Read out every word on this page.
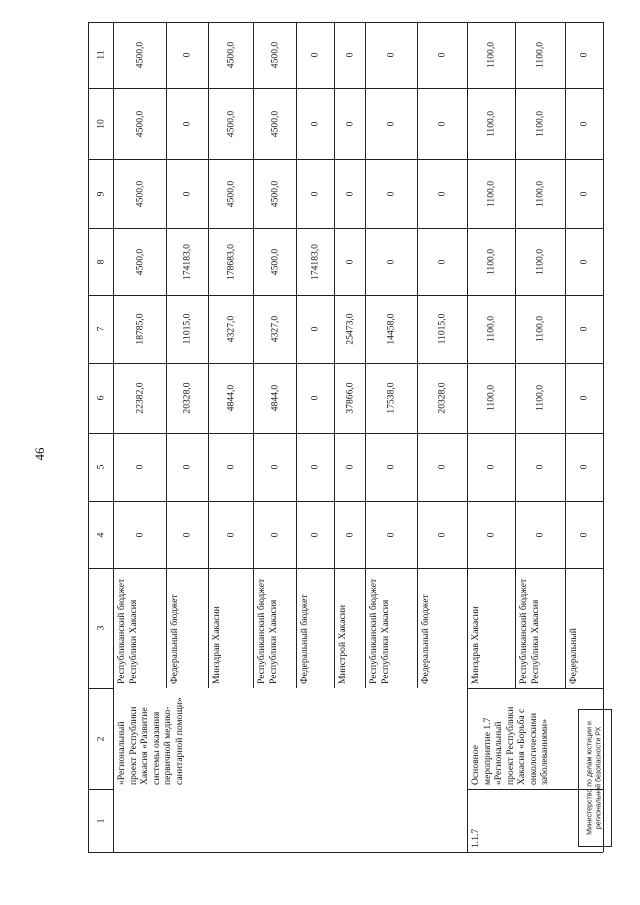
46
1
2
3
4
5
6
7
8
9
10
11
Республиканский бюджет Республики Хакасия
0
0
22382,0
18785,0
4500,0
4500,0
4500,0
4500,0
Федеральный бюджет
0
0
20328,0
11015,0
174183,0
0
0
0
Минздрав Хакасии
0
0
4844,0
4327,0
178683,0
4500,0
4500,0
4500,0
Республиканский бюджет Республики Хакасия
0
0
4844,0
4327,0
4500,0
4500,0
4500,0
4500,0
Федеральный бюджет
0
0
0
0
174183,0
0
0
0
Минстрой Хакасии
0
0
37866,0
25473,0
0
0
0
0
Республиканский бюджет Республики Хакасия
0
0
17538,0
14458,0
0
0
0
0
Федеральный бюджет
0
0
20328,0
11015,0
0
0
0
0
Минздрав Хакасии
0
0
1100,0
1100,0
1100,0
1100,0
1100,0
1100,0
Республиканский бюджет Республики Хакасия
0
0
1100,0
1100,0
1100,0
1100,0
1100,0
1100,0
Федеральный
0
0
0
0
0
0
0
0
«Региональный проект Республики Хакасия «Развитие системы оказания первичной медико-санитарной помощи»	Основное мероприятие 1.7 «Региональный проект Республики Хакасия «Борьба с онкологическими заболеваниями»
1.1.7
Министерство по делам юстиции и региональной безопасности РХ
